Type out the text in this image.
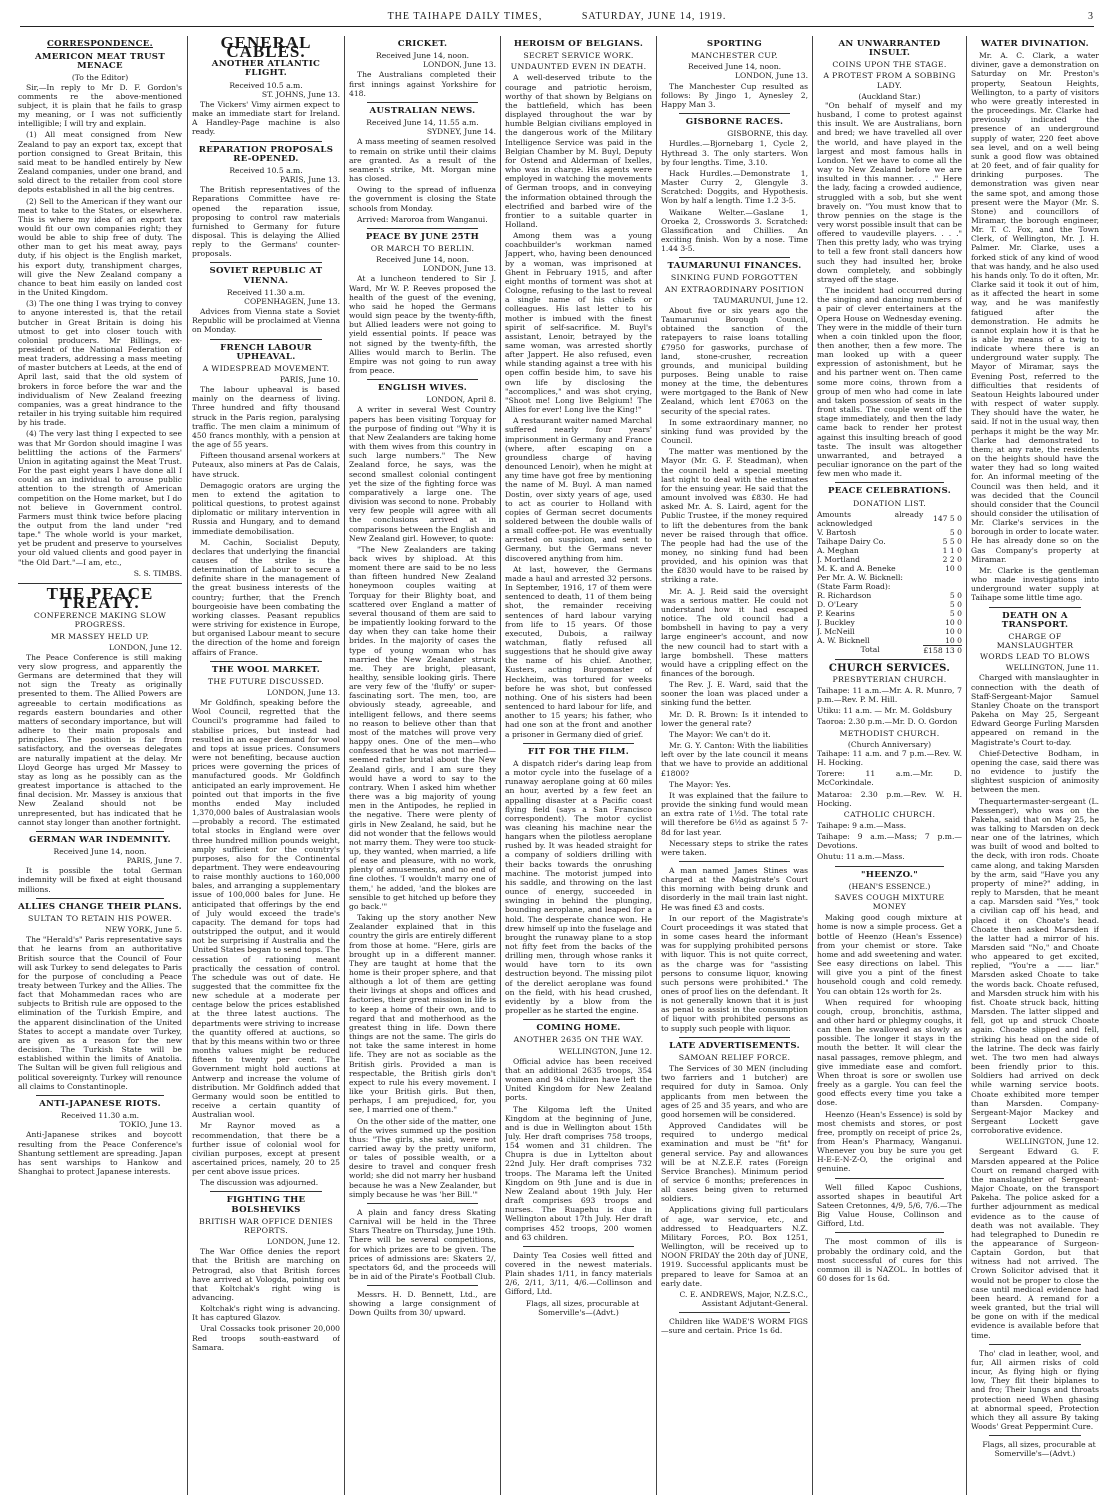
THE TAIHAPE DAILY TIMES,	SATURDAY, JUNE 14, 1919.	3
CORRESPONDENCE.
AMERICON MEAT TRUST MENACE
(To the Editor)

Sir,—In reply to Mr D. F. Gordon's comments re the above-mentioned subject, it is plain that he fails to grasp my meaning, or I was not sufficiently intelligible; I will try and explain.

(1) All meat consigned from New Zealand to pay an export tax, except that portion consigned to Great Britain, this said meat to be handled entirely by New Zealand companies, under one brand, and sold direct to the retailer from cool store depots established in all the big centres.

(2) Sell to the American if they want our meat to take to the States, or elsewhere. This is where my idea of an export tax would fit our own companies right; they would be able to ship free of duty. The other man to get his meat away, pays duty, if his object is the English market, his export duty, transhipment charges, will give the New Zealand company a chance to beat him easily on landed cost in the United Kingdom.

(3) The one thing I was trying to convey to anyone interested is, that the retail butcher in Great Britain is doing his utmost to get into closer touch with colonial producers. Mr Billings, ex-president of the National Federation of meat traders, addressing a mass meeting of master butchers at Leeds, at the end of April last, said that the old system of brokers in force before the war and the individualism of New Zealand freezing companies, was a great hindrance to the retailer in his trying suitable him required by his trade.

(4) The very last thing I expected to see was that Mr Gordon should imagine I was belittling the actions of the Farmers' Union in agitating against the Meat Trust. For the past eight years I have done all I could as an individual to arouse public attention to the strength of American competition on the Home market, but I do not believe in Government control. Farmers must think twice before placing the output from the land under "red tape." The whole world is your market, yet be prudent and preserve to yourselves your old valued clients and good payer in "the Old Dart."—I am, etc.,

S. S. TIMBS.
THE PEACE TREATY.
CONFERENCE MAKING SLOW PROGRESS.
MR MASSEY HELD UP.
LONDON, June 12.

The Peace Conference is still making very slow progress, and apparently the Germans are determined that they will not sign the Treaty as originally presented to them. The Allied Powers are agreeable to certain modifications as regards eastern boundaries and other matters of secondary importance, but will adhere to their main proposals and principles. The position is far from satisfactory, and the overseas delegates are naturally impatient at the delay. Mr Lloyd George has urged Mr Massey to stay as long as he possibly can as the greatest importance is attached to the final decision. Mr. Massey is anxious that New Zealand should not be unrepresented, but has indicated that he cannot stay longer than another fortnight.

GERMAN WAR INDEMNITY.
Received June 14, noon.
PARIS, June 7.

It is possible the total German indemnity will be fixed at eight thousand millions.

ALLIES CHANGE THEIR PLANS.
SULTAN TO RETAIN HIS POWER.
NEW YORK, June 5.

The "Herald's" Paris representative says that he learns from an authoritative British source that the Council of Four will ask Turkey to send delegates to Paris for the purpose of concluding a Peace treaty between Turkey and the Allies. The fact that Mohammedan races who are subjects to British rule are opposed to the elimination of the Turkish Empire, and the apparent disinclination of the United States to accept a mandate over Turkey, are given as a reason for the new decision. The Turkish State will be established within the limits of Anatolia. The Sultan will be given full religious and political sovereignty. Turkey will renounce all claims to Constantinople.

ANTI-JAPANESE RIOTS.
Received 11.30 a.m.
TOKIO, June 13.

Anti-Japanese strikes and boycott resulting from the Peace Conference's Shantung settlement are spreading. Japan has sent warships to Hankow and Shanghai to protect Japanese interests.

GENERAL CABLES.
ANOTHER ATLANTIC FLIGHT.
Received 10.5 a.m.
ST. JOHNS, June 13.

The Vickers' Vimy airmen expect to make an immediate start for Ireland. A Handley-Page machine is also ready.

REPARATION PROPOSALS RE-OPENED.
Received 10.5 a.m.
PARIS, June 13.

The British representatives of the Reparations Committee have re-opened the reparation issue, proposing to control raw materials furnished to Germany for future disposal. This is delaying the Allied reply to the Germans' counter-proposals.

SOVIET REPUBLIC AT VIENNA.
Received 11.30 a.m.
COPENHAGEN, June 13.

Advices from Vienna state a Soviet Republic will be proclaimed at Vienna on Monday.

FRENCH LABOUR UPHEAVAL.
A WIDESPREAD MOVEMENT.
PARIS, June 10.

The labour upheaval is based mainly on the dearness of living. Three hundred and fifty thousand struck in the Paris region, paralysing traffic. The men claim a minimum of 450 francs monthly, with a pension at the age of 55 years.

Fifteen thousand arsenal workers at Puteaux, also miners at Pas de Calais, have struck.

Demagogic orators are urging the men to extend the agitation to political questions, to protest against diplomatic or military intervention in Russia and Hungary, and to demand immediate demobilisation.

M. Cachin, Socialist Deputy, declares that underlying the financial causes of the strike is the determination of Labour to secure a definite share in the management of the great business interests of the country; further, that the French bourgeoisie have been combating the working classes. Peasant republics were striving for existence in Europe, but organised Labour meant to secure the direction of the home and foreign affairs of France.

THE WOOL MARKET.
THE FUTURE DISCUSSED.
LONDON, June 13.

Mr Goldfinch, speaking before the Wool Council, regretted that the Council's programme had failed to stabilise prices, but instead had resulted in an eager demand for wool and tops at issue prices. Consumers were not benefiting, because auction prices were governing the prices of manufactured goods. Mr Goldfinch anticipated an early improvement. He pointed out that imports in the five months ended May included 1,370,000 bales of Australasian wools—probably a record. The estimated total stocks in England were over three hundred million pounds weight, amply sufficient for the country's purposes, also for the Continental department. They were endeavouring to raise monthly auctions to 160,000 bales, and arranging a supplementary issue of 100,000 bales for June. He anticipated that offerings by the end of July would exceed the trade's capacity. The demand for tops had outstripped the output, and it would not be surprising if Australia and the United States began to send tops. The cessation of rationing meant practically the cessation of control. The schedule was out of date. He suggested that the committee fix the new schedule at a moderate per centage below the prices established at the three latest auctions. The departments were striving to increase the quantity offered at auctions, so that by this means within two or three months values might be reduced fifteen to twenty per cent. The Government might hold auctions at Antwerp and increase the volume of distribution. Mr Goldfinch added that Germany would soon be entitled to receive a certain quantity of Australian wool.

Mr Raynor moved as a recommendation, that there be a further issue of colonial wool for civilian purposes, except at present ascertained prices, namely, 20 to 25 per cent above issue prices.

The discussion was adjourned.

FIGHTING THE BOLSHEVIKS
BRITISH WAR OFFICE DENIES REPORTS.
LONDON, June 12.

The War Office denies the report that the British are marching on Petrograd, also that British forces have arrived at Vologda, pointing out that Koltchak's right wing is advancing.

Koltchak's right wing is advancing. It has captured Glazov.

Ural Cossacks took prisoner 20,000 Red troops south-eastward of Samara.

CRICKET.
Received June 14, noon.
LONDON, June 13.

The Australians completed their first innings against Yorkshire for 418.

AUSTRALIAN NEWS.
Received June 14, 11.55 a.m.
SYDNEY, June 14.

A mass meeting of seamen resolved to remain on strike until their claims are granted. As a result of the seamen's strike, Mt. Morgan mine has closed.

Owing to the spread of influenza the government is closing the State schools from Monday.

Arrived: Maroroa from Wanganui.

PEACE BY JUNE 25TH
OR MARCH TO BERLIN.
Received June 14, noon.
LONDON, June 13.

At a luncheon tendered to Sir J. Ward, Mr W. P. Reeves proposed the health of the guest of the evening, who said he hoped the Germans would sign peace by the twenty-fifth, but Allied leaders were not going to yield essential points. If peace was not signed by the twenty-fifth, the Allies would march to Berlin. The Empire was not going to run away from peace.

ENGLISH WIVES.
LONDON, April 8.

A writer in several West Country papers has been visiting Torquay for the purpose of finding out "Why it is that New Zealanders are taking home with them wives from this country in such large numbers." The New Zealand force, he says, was the second smallest colonial contingent yet the size of the fighting force was comparatively a large one. The division was second to none. Probably very few people will agree with all the conclusions arrived at in comparisons between the English and New Zealand girl. However, to quote:

"The New Zealanders are taking back wives by shipload. At this moment there are said to be no less than fifteen hundred New Zealand honeymoon couples waiting at Torquay for their Blighty boat, and scattered over England a matter of several thousand of them are said to be impatiently looking forward to the day when they can take home their brides. In the majority of cases the type of young woman who has married the New Zealander struck me. They are bright, pleasant, healthy, sensible looking girls. There are very few of the 'fluffy' or super-fascinating sort. The men, too, are obviously steady, agreeable, and intelligent fellows, and there seems no reason to believe other than that most of the matches will prove very happy ones. One of the men—who confessed that he was not married—seemed rather brutal about the New Zealand girls, and I am sure they would have a word to say to the contrary. When I asked him whether there was a big majority of young men in the Antipodes, he replied in the negative. There were plenty of girls in New Zealand, he said, but he did not wonder that the fellows would not marry them. They were too stuck-up, they wanted, when married, a life of ease and pleasure, with no work, plenty of amusements, and no end of fine clothes. 'I wouldn't marry one of them,' he added, 'and the blokes are sensible to get hitched up before they go back.'"

Taking up the story another New Zealander explained that in this country the girls are entirely different from those at home. "Here, girls are brought up in a different manner. They are taught at home that the home is their proper sphere, and that although a lot of them are getting their livings at shops and offices and factories, their great mission in life is to keep a home of their own, and to regard that and motherhood as the greatest thing in life. Down there things are not the same. The girls do not take the same interest in home life. They are not as sociable as the British girls. Provided a man is respectable, the British girls don't expect to rule his every movement. I like your British girls. But then, perhaps, I am prejudiced, for, you see, I married one of them."

On the other side of the matter, one of the wives summed up the position thus: "The girls, she said, were not carried away by the pretty uniform, or tales of possible wealth, or a desire to travel and conquer fresh world; she did not marry her husband because he was a New Zealander, but simply because he was 'her Bill.'"

A plain and fancy dress Skating Carnival will be held in the Three Stars Theatre on Thursday, June 19th. There will be several competitions, for which prizes are to be given. The prices of admissions are: Skaters 2/, spectators 6d, and the proceeds will be in aid of the Pirate's Football Club.

Messrs. H. D. Bennett, Ltd., are showing a large consignment of Down Quilts from 30/ upward.

HEROISM OF BELGIANS.
SECRET SERVICE WORK.
UNDAUNTED EVEN IN DEATH.

A well-deserved tribute to the courage and patriotic heroism, worthy of that shown by Belgians on the battlefield, which has been displayed throughout the war by humble Belgian civilians employed in the dangerous work of the Military Intelligence Service was paid in the Belgian Chamber by M. Buyl, Deputy for Ostend and Alderman of Ixelles, who was in charge. His agents were employed in watching the movements of German troops, and in conveying the information obtained through the electrified and barbed wire of the frontier to a suitable quarter in Holland.

Among them was a young coachbuilder's workman named Jappert, who, having been denounced by a woman, was imprisoned at Ghent in February 1915, and after eight months of torment was shot at Cologne, refusing to the last to reveal a single name of his chiefs or colleagues. His last letter to his mother is imbued with the finest spirit of self-sacrifice. M. Buyl's assistant, Lenoir, betrayed by the same woman, was arrested shortly after Jappert. He also refused, even while standing against a tree with his open coffin beside him, to save his own life by disclosing the "accomplices," and was shot crying, "Shoot me! Long live Belgium! The Allies for ever! Long live the King!"

A restaurant waiter named Marchal suffered nearly four years' imprisonment in Germany and France (where, after escaping on a groundless charge of having denounced Lenoir), when he might at any time have got free by mentioning the name of M. Buyl. A man named Dostin, over sixty years of age, used to act as courier to Holland with copies of German secret documents soldered between the double walls of a small coffee-pot. He was eventually arrested on suspicion, and sent to Germany, but the Germans never discovered anything from him.

At last, however, the Germans made a haul and arrested 32 persons. In September, 1916, 17 of them were sentenced to death, 11 of them being shot, the remainder receiving sentences of hard labour varying from life to 15 years. Of those executed, Dubois, a railway watchman, flatly refused all suggestions that he should give away the name of his chief. Another, Kusters, acting Burgomaster of Heckheim, was tortured for weeks before he was shot, but confessed nothing. One of his sisters had been sentenced to hard labour for life, and another to 15 years; his father, who had one son at the front and another a prisoner in Germany died of grief.

FIT FOR THE FILM.

A dispatch rider's daring leap from a motor cycle into the fuselage of a runaway aeroplane going at 60 miles an hour, averted by a few feet an appalling disaster at a Pacific coast flying field (says a San Francisco correspondent). The motor cyclist was cleaning his machine near the hangars when the pilotless aeroplane rushed by. It was headed straight for a company of soldiers drilling with their backs towards the onrushing machine. The motorist jumped into his saddle, and throwing on the last ounce of energy, succeeded in swinging in behind the plunging, bounding aeroplane, and leaped for a hold. The desperate chance won. He drew himself up into the fuselage and brought the runaway plane to a stop not fifty feet from the backs of the drilling men, through whose ranks it would have torn to its own destruction beyond. The missing pilot of the derelict aeroplane was found on the field, with his head crushed, evidently by a blow from the propeller as he started the engine.

COMING HOME.
ANOTHER 2635 ON THE WAY.
WELLINGTON, June 12.

Official advice has been received that an additional 2635 troops, 354 women and 94 children have left the United Kingdom for New Zealand ports.

The Kilgoma left the United Kingdom at the beginning of June, and is due in Wellington about 15th July. Her draft comprises 758 troops, 154 women and 31 children. The Chupra is due in Lyttelton about 22nd July. Her draft comprises 732 troops. The Marama left the United Kingdom on 9th June and is due in New Zealand about 19th July. Her draft comprises 693 troops and nurses. The Ruapehu is due in Wellington about 17th July. Her draft comprises 452 troops, 200 women and 63 children.

Dainty Tea Cosies well fitted and covered in the newest materials. Plain shades 1/11, in fancy materials 2/6, 2/11, 3/11, 4/6.—Collinson and Gifford, Ltd.

Flags, all sizes, procurable at Somerville's—(Advt.)

SPORTING
MANCHESTER CUP.
Received June 14, noon.
LONDON, June 13.

The Manchester Cup resulted as follows: By Jingo 1, Aynesley 2, Happy Man 3.

GISBORNE RACES.
GISBORNE, this day.

Hurdles.—Bjornebarg 1, Cycle 2, Hythread 3. The only starters. Won by four lengths. Time, 3.10.

Hack Hurdles.—Demonstrate 1, Master Curry 2, Glengyle 3. Scratched: Doggits, and Hypothesis. Won by half a length. Time 1.2 3-5.

Waikane Welter.—Gaslane 1, Oroeka 2, Crosswords 3. Scratched: Glassification and Chillies. An exciting finish. Won by a nose. Time 1.44 3-5.

TAUMARUNUI FINANCES.
SINKING FUND FORGOTTEN
AN EXTRAORDINARY POSITION
TAUMARUNUI, June 12.

About five or six years ago the Taumarunui Borough Council, obtained the sanction of the ratepayers to raise loans totalling £7950 for gasworks, purchase of land, stone-crusher, recreation grounds, and municipal building purposes. Being unable to raise money at the time, the debentures were mortgaged to the Bank of New Zealand, which lent £7063 on the security of the special rates.

In some extraordinary manner, no sinking fund was provided by the Council.

The matter was mentioned by the Mayor (Mr. G. F. Steadman), when the council held a special meeting last night to deal with the estimates for the ensuing year. He said that the amount involved was £830. He had asked Mr. A. S. Laird, agent for the Public Trustee, if the money required to lift the debentures from the bank never be raised through that office. The people had had the use of the money, no sinking fund had been provided, and his opinion was that the £830 would have to be raised by striking a rate.

Mr. A. J. Reid said the oversight was a serious matter. He could not understand how it had escaped notice. The old council had a bombshell in having to pay a very large engineer's account, and now the new council had to start with a large bombshell. These matters would have a crippling effect on the finances of the borough.

The Rev. J. E. Ward, said that the sooner the loan was placed under a sinking fund the better.

Mr. D. R. Brown: Is it intended to lower the general rate?

The Mayor: We can't do it.

Mr. G. Y. Canton: With the liabilities left over by the late council it means that we have to provide an additional £1800?

The Mayor: Yes.

It was explained that the failure to provide the sinking fund would mean an extra rate of 1½d. The total rate will therefore be 6½d as against 5 7-8d for last year.

Necessary steps to strike the rates were taken.

A man named James Stines was charged at the Magistrate's Court this morning with being drunk and disorderly in the mail train last night. He was fined £3 and costs.

In our report of the Magistrate's Court proceedings it was stated that in some cases heard the informant was for supplying prohibited persons with liquor. This is not quite correct, as the charge was for "assisting persons to consume liquor, knowing such persons were prohibited." The ones of proof lies on the defendant. It is not generally known that it is just as penal to assist in the consumption of liquor with prohibited persons as to supply such people with liquor.

LATE ADVERTISEMENTS.
SAMOAN RELIEF FORCE.

The Services of 30 MEN (including two farriers and 1 butcher) are required for duty in Samoa. Only applicants from men between the ages of 25 and 35 years, and who are good horsemen will be considered.

Approved Candidates will be required to undergo medical examination and must be "fit" for general service. Pay and allowances will be at N.Z.E.F. rates (Foreign Service Branches). Minimum period of service 6 months; preferences in all cases being given to returned soldiers.

Applications giving full particulars of age, war service, etc., and addressed to Headquarters N.Z. Military Forces, P.O. Box 1251, Wellington, will be received up to NOON FRIDAY the 20th day of JUNE, 1919. Successful applicants must be prepared to leave for Samoa at an early date.

C. E. ANDREWS, Major, N.Z.S.C.,
Assistant Adjutant-General.

Children like WADE'S WORM FIGS—sure and certain. Price 1s 6d.

AN UNWARRANTED INSULT.
COINS UPON THE STAGE.
A PROTEST FROM A SOBBING LADY.
(Auckland Star.)

"On behalf of myself and my husband, I come to protest against this insult. We are Australians, born and bred; we have travelled all over the world, and have played in the largest and most famous halls in London. Yet we have to come all the way to New Zealand before we are insulted in this manner. . . ." Here the lady, facing a crowded audience, struggled with a sob, but she went bravely on. "You must know that to throw pennies on the stage is the very worst possible insult that can be offered to vaudeville players. . . ." Then this pretty lady, who was trying to tell a few front stall dancers how such they had insulted her, broke down completely, and sobbingly strayed off the stage.

The incident had occurred during the singing and dancing numbers of a pair of clever entertainers at the Opera House on Wednesday evening. They were in the middle of their turn when a coin tinkled upon the floor, then another, then a few more. The man looked up with a queer expression of astonishment, but he and his partner went on. Then came some more coins, thrown from a group of men who had come in late and taken possession of seats in the front stalls. The couple went off the stage immediately, and then the lady came back to render her protest against this insulting breach of good taste. The insult was altogether unwarranted, and betrayed a peculiar ignorance on the part of the few men who made it.

PEACE CELEBRATIONS.
DONATION LIST.
Amounts already acknowledged	147 5 0
V. Bartosh	5 0
Taihape Dairy Co.	5 5 0
A. Meghan	1 1 0
J. Mortland	2 2 0
M. K. and A. Beneke	10 0
Per Mr. A. W. Bicknell:	
(State Farm Road):	
R. Richardson	5 0
D. O'Leary	5 0
P. Kearins	5 0
J. Buckley	10 0
J. McNeill	10 0
A. W. Bicknell	10 0
Total	£158 13 0
CHURCH SERVICES.
PRESBYTERIAN CHURCH.

Taihape: 11 a.m.—Mr. A. R. Munro, 7 p.m.—Rev. P. M. Hill.

Utiku: 11 a.m. — Mr. M. Goldsbury

Taoroa: 2.30 p.m.—Mr. D. O. Gordon

METHODIST CHURCH.
(Church Anniversary)

Taihape: 11 a.m. and 7 p.m.—Rev. W. H. Hocking.

Torere: 11 a.m.—Mr. D. McCorkindale.

Mataroa: 2.30 p.m.—Rev. W. H. Hocking.

CATHOLIC CHURCH.

Taihape: 9 a.m.—Mass.

Taihape: 9 a.m.—Mass; 7 p.m.—Devotions.

Ohutu: 11 a.m.—Mass.

"HEENZO."
(HEAN'S ESSENCE.)
SAVES COUGH MIXTURE MONEY

Making good cough mixture at home is now a simple process. Get a bottle of Heenzo (Hean's Essence) from your chemist or store. Take home and add sweetening and water. See easy directions on label. This will give you a pint of the finest household cough and cold remedy. You can obtain 12s worth for 2s.

When required for whooping cough, croup, bronchitis, asthma, and other hard or phlegmy coughs, it can then be swallowed as slowly as possible. The longer it stays in the mouth the better. It will clear the nasal passages, remove phlegm, and give immediate ease and comfort. When throat is sore or swollen use freely as a gargle. You can feel the good effects every time you take a dose.

Heenzo (Hean's Essence) is sold by most chemists and stores, or post free, promptly on receipt of price 2s, from Hean's Pharmacy, Wanganui. Whenever you buy be sure you get H-E-E-N-Z-O, the original and genuine.

Well filled Kapoc Cushions, assorted shapes in beautiful Art Sateen Cretonnes, 4/9, 5/6, 7/6.—The Big Value House, Collinson and Gifford, Ltd.

The most common of ills is probably the ordinary cold, and the most successful of cures for this common ill is NAZOL. In bottles of 60 doses for 1s 6d.

WATER DIVINATION.

Mr. A. C. Clark, a water diviner, gave a demonstration on Saturday on Mr. Preston's property, Seatoun Heights, Wellington, to a party of visitors who were greatly interested in the proceedings. Mr. Clarke had previously indicated the presence of an underground supply of water, 220 feet above sea level, and on a well being sunk a good flow was obtained at 20 feet, and of fair quality for drinking purposes. The demonstration was given near the same spot, and among those present were the Mayor (Mr. S. Stone) and councillors of Miramar, the borough engineer, Mr. T. C. Fox, and the Town Clerk, of Wellington, Mr. J. H. Palmer. Mr. Clarke, uses a forked stick of any kind of wood that was handy, and he also used his hands only. To do it often, Mr. Clarke said it took it out of him, as it affected the heart in some way, and he was manifestly fatigued after the demonstration. He admits he cannot explain how it is that he is able by means of a twig to indicate where there is an underground water supply. The Mayor of Miramar, says the Evening Post, referred to the difficulties that residents of Seatoun Heights laboured under with respect of water supply. They should have the water, he said. If not in the usual way, then perhaps it might be the way Mr. Clarke had demonstrated to them; at any rate, the residents on the heights should have the water they had so long waited for. An informal meeting of the Council was then held, and it was decided that the Council should consider that the Council should consider the utilisation of Mr. Clarke's services in the borough in order to locate water. He has already done so on the Gas Company's property at Miramar.

Mr. Clarke is the gentleman who made investigations into underground water supply at Taihape some little time ago.

DEATH ON A TRANSPORT.
CHARGE OF MANSLAUGHTER
WORDS LEAD TO BLOWS
WELLINGTON, June 11.

Charged with manslaughter in connection with the death of Staff-Sergeant-Major Samuel Stanley Choate on the transport Pakeha on May 25, Sergeant Edward George Furling Marsden appeared on remand in the Magistrate's Court to-day.

Chief-Detective Bodham, in opening the case, said there was no evidence to justify the slightest suspicion of animosity between the men.

Thequartermaster-sergeant (L. Messenger), who was on the Pakeha, said that on May 25, he was talking to Marsden on deck near one of the latrines, which was built of wood and bolted to the deck, with iron rods. Choate came along, and taking Marsden by the arm, said "Have you any property of mine?" adding, in reply to Marsden, that he meant a cap. Marsden said "Yes," took a civilian cap off his head, and placed it on Choate's head. Choate then asked Marsden if the latter had a mirror of his. Marsden said "No," and Choate who appeared to get excited, replied, "You're a —— liar." Marsden asked Choate to take the words back. Choate refused, and Marsden struck him with his fist. Choate struck back, hitting Marsden. The latter slipped and fell, got up and struck Choate again. Choate slipped and fell, striking his head on the side of the latrine. The deck was fairly wet. The two men had always been friendly prior to this. Soldiers had arrived on deck while warning service boots. Choate exhibited more temper than Marsden. Company-Sergeant-Major Mackey and Sergeant Lockett gave corroborative evidence.

WELLINGTON, June 12.

Sergeant Edward G. F. Marsden appeared at the Police Court on remand charged with the manslaughter of Sergeant-Major Choate, on the transport Pakeha. The police asked for a further adjournment as medical evidence as to the cause of death was not available. They had telegraphed to Dunedin re the appearance of Surgeon-Captain Gordon, but that witness had not arrived. The Crown Solicitor advised that it would not be proper to close the case until medical evidence had been heard. A remand for a week granted, but the trial will be gone on with if the medical evidence is available before that time.

Tho' clad in leather, wool, and fur, All airmen risks of cold incur, As flying high or flying low, They flit their biplanes to and fro; Their lungs and throats protection need When ghasing at abnormal speed, Protection which they all assure By taking Woods' Great Peppermint Cure.

Flags, all sizes, procurable at Somerville's—(Advt.)
